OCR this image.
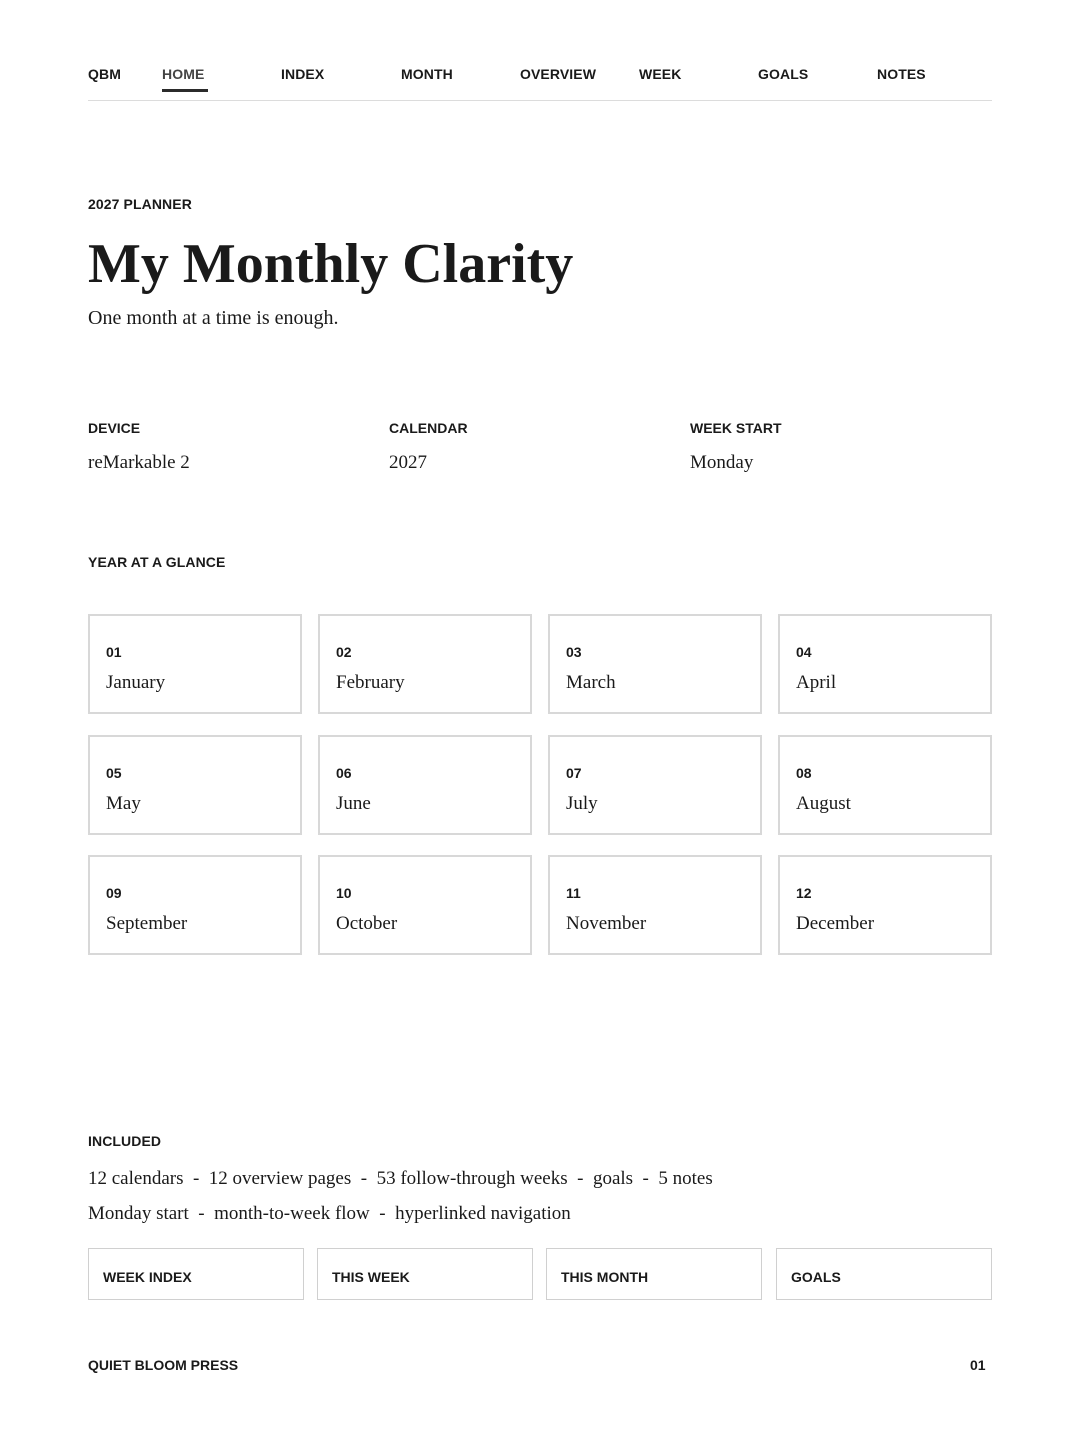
QBM	HOME	INDEX	MONTH	OVERVIEW	WEEK	GOALS	NOTES
2027 PLANNER
My Monthly Clarity
One month at a time is enough.
DEVICE
reMarkable 2
CALENDAR
2027
WEEK START
Monday
YEAR AT A GLANCE
01
January
02
February
03
March
04
April
05
May
06
June
07
July
08
August
09
September
10
October
11
November
12
December
INCLUDED
12 calendars  -  12 overview pages  -  53 follow-through weeks  -  goals  -  5 notes
Monday start  -  month-to-week flow  -  hyperlinked navigation
WEEK INDEX	THIS WEEK	THIS MONTH	GOALS
QUIET BLOOM PRESS	01
